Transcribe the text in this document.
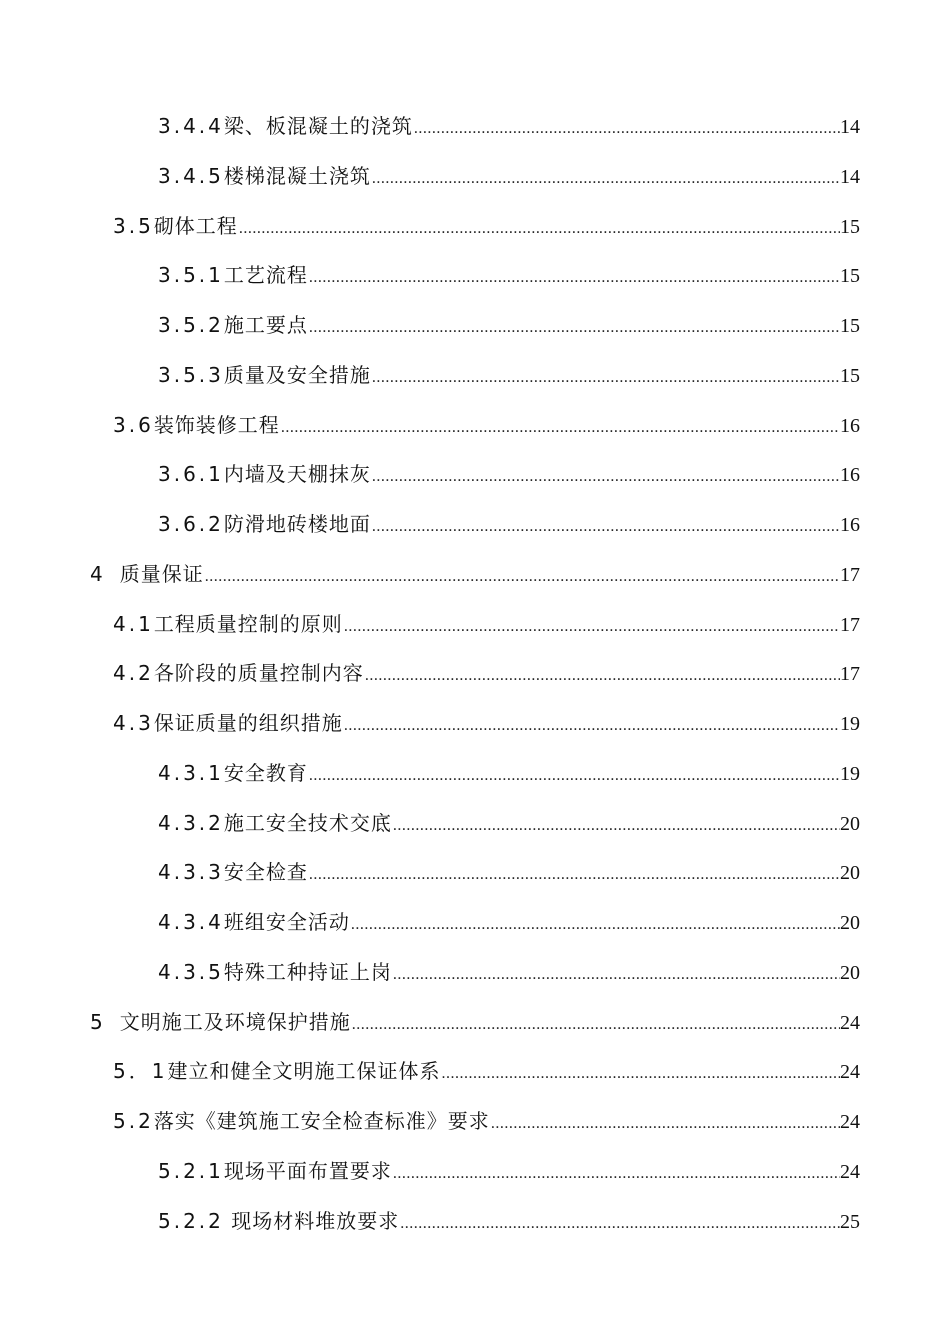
3.4.4 梁、板混凝土的浇筑 .....	14
3.4.5 楼梯混凝土浇筑 .....	14
3.5 砌体工程 .....	15
3.5.1 工艺流程 .....	15
3.5.2 施工要点 .....	15
3.5.3 质量及安全措施 .....	15
3.6 装饰装修工程 .....	16
3.6.1 内墙及天棚抹灰 .....	16
3.6.2 防滑地砖楼地面 .....	16
4 质量保证 .....	17
4.1 工程质量控制的原则 .....	17
4.2 各阶段的质量控制内容 .....	17
4.3 保证质量的组织措施 .....	19
4.3.1 安全教育 .....	19
4.3.2 施工安全技术交底 .....	20
4.3.3 安全检查 .....	20
4.3.4 班组安全活动 .....	20
4.3.5 特殊工种持证上岗 .....	20
5 文明施工及环境保护措施 .....	24
5．1 建立和健全文明施工保证体系 .....	24
5.2 落实《建筑施工安全检查标准》要求 .....	24
5.2.1 现场平面布置要求 .....	24
5.2.2 现场材料堆放要求 .....	25
